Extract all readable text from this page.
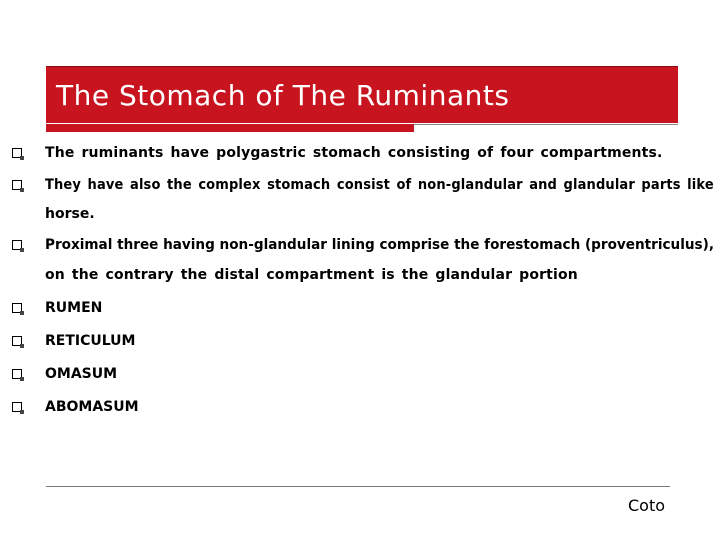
The Stomach of The Ruminants
The ruminants have polygastric stomach consisting of four compartments.
They have also the complex stomach consist of non-glandular and glandular parts like
horse.
Proximal three having non-glandular lining comprise the forestomach (proventriculus),
on the contrary the distal compartment is the glandular portion
RUMEN
RETICULUM
OMASUM
ABOMASUM
Coto
